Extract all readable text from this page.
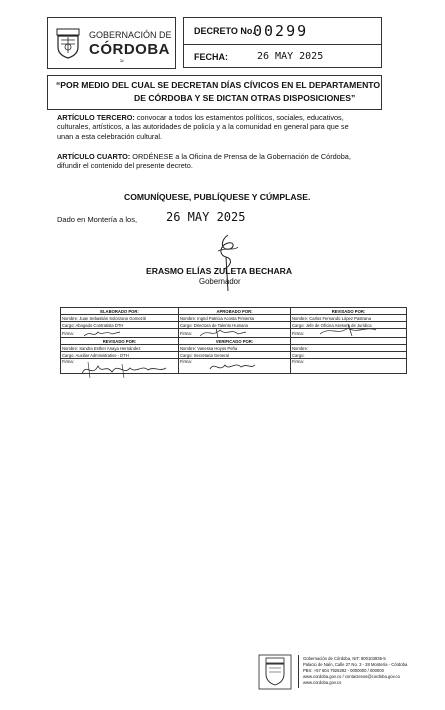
GOBERNACIÓN DE
CÓRDOBA
≈
DECRETO No.
00299
FECHA:	26 MAY 2025
“POR MEDIO DEL CUAL SE DECRETAN DÍAS CÍVICOS EN EL DEPARTAMENTO
DE CÓRDOBA Y SE DICTAN OTRAS DISPOSICIONES”
ARTÍCULO TERCERO: convocar a todos los estamentos políticos, sociales, educativos,
culturales, artísticos, a las autoridades de policía y a la comunidad en general para que se
unan a esta celebración cultural.
ARTÍCULO CUARTO: ORDÉNESE a la Oficina de Prensa de la Gobernación de Córdoba,
difundir el contenido del presente decreto.
COMUNÍQUESE, PUBLÍQUESE Y CÚMPLASE.
Dado en Montería a los, 26 MAY 2025
ERASMO ELÍAS ZULETA BECHARA
Gobernador
ELABORADO POR:	APROBADO POR:	REVISADO POR:
Nombre: Juan Sebastián Solorzano Gomeziti	Nombre: Ingrid Patricia Acosta Pimienta	Nombre: Carlos Fernando López Pastrana
Cargo: Abogado Contratista DTH	Cargo: Directora de Talento Humano	Cargo: Jefe de Oficina Asesora de Jurídica
Firma:	Firma:	Firma:
REVISADO POR:	VERIFICADO POR:	
Nombre: Sandra Esther Anaya Hernández	Nombre: Vanessa Hoyos Peña	Nombre:
Cargo: Auxiliar Administrativo - DTH	Cargo: Secretaria General	Cargo:
Firma:	Firma:	Firma:
Gobernación de Córdoba, NIT: 800103935-5
Palacio de Naín, Calle 27 No. 3 - 28 Montería - Córdoba
PBX: +57 604 7926292 - 0000000 / 000000
www.cordoba.gov.co / contactenos@cordoba.gov.co
www.cordoba.gov.co
